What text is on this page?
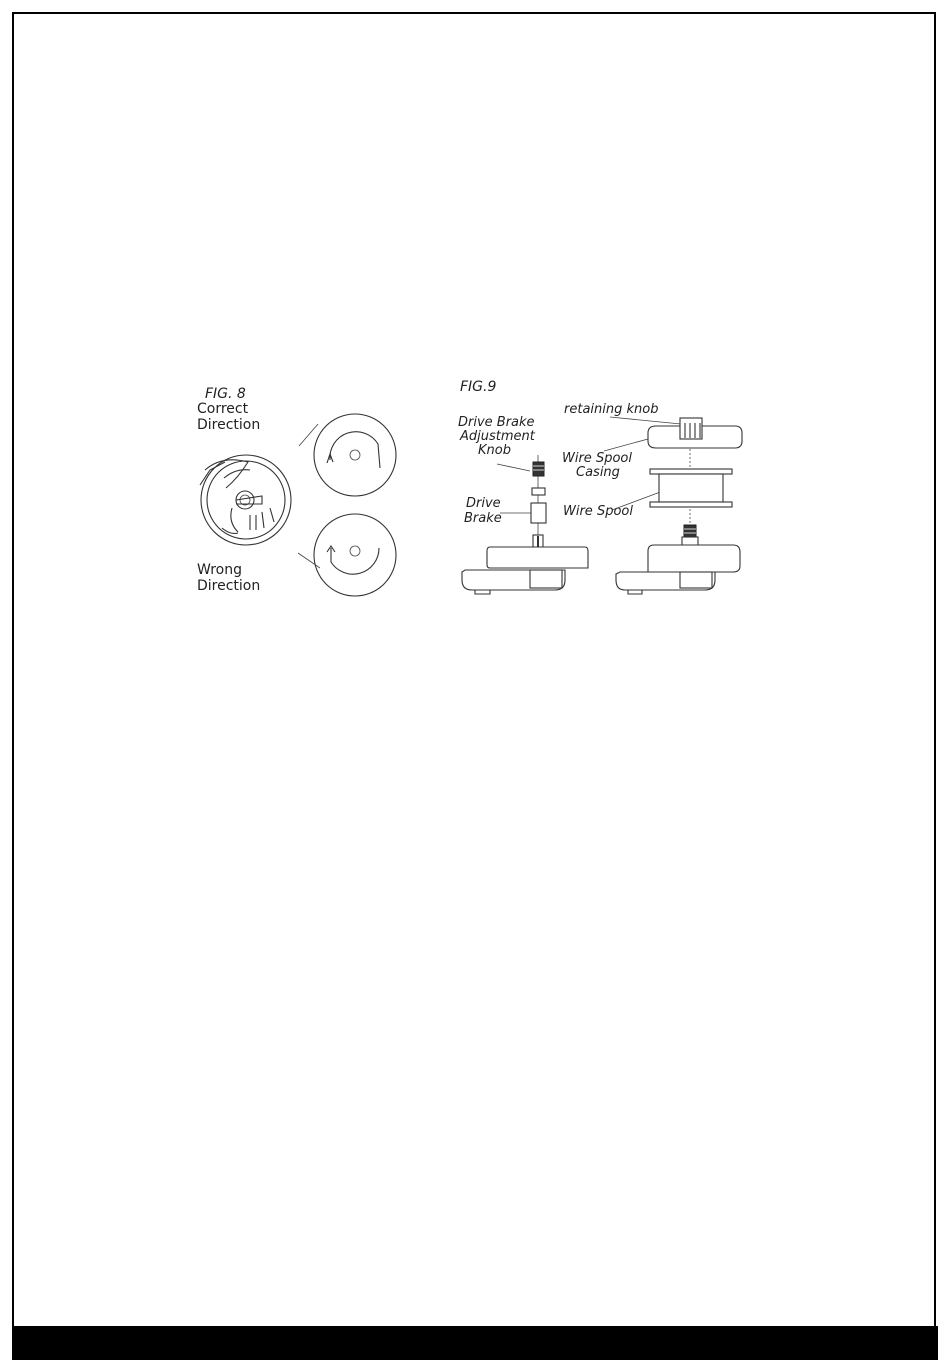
FIG. 8
Correct
Direction
Wrong
Direction
FIG.9
Drive Brake
Adjustment
Knob
Drive
Brake
retaining knob
Wire Spool
Casing
Wire Spool
